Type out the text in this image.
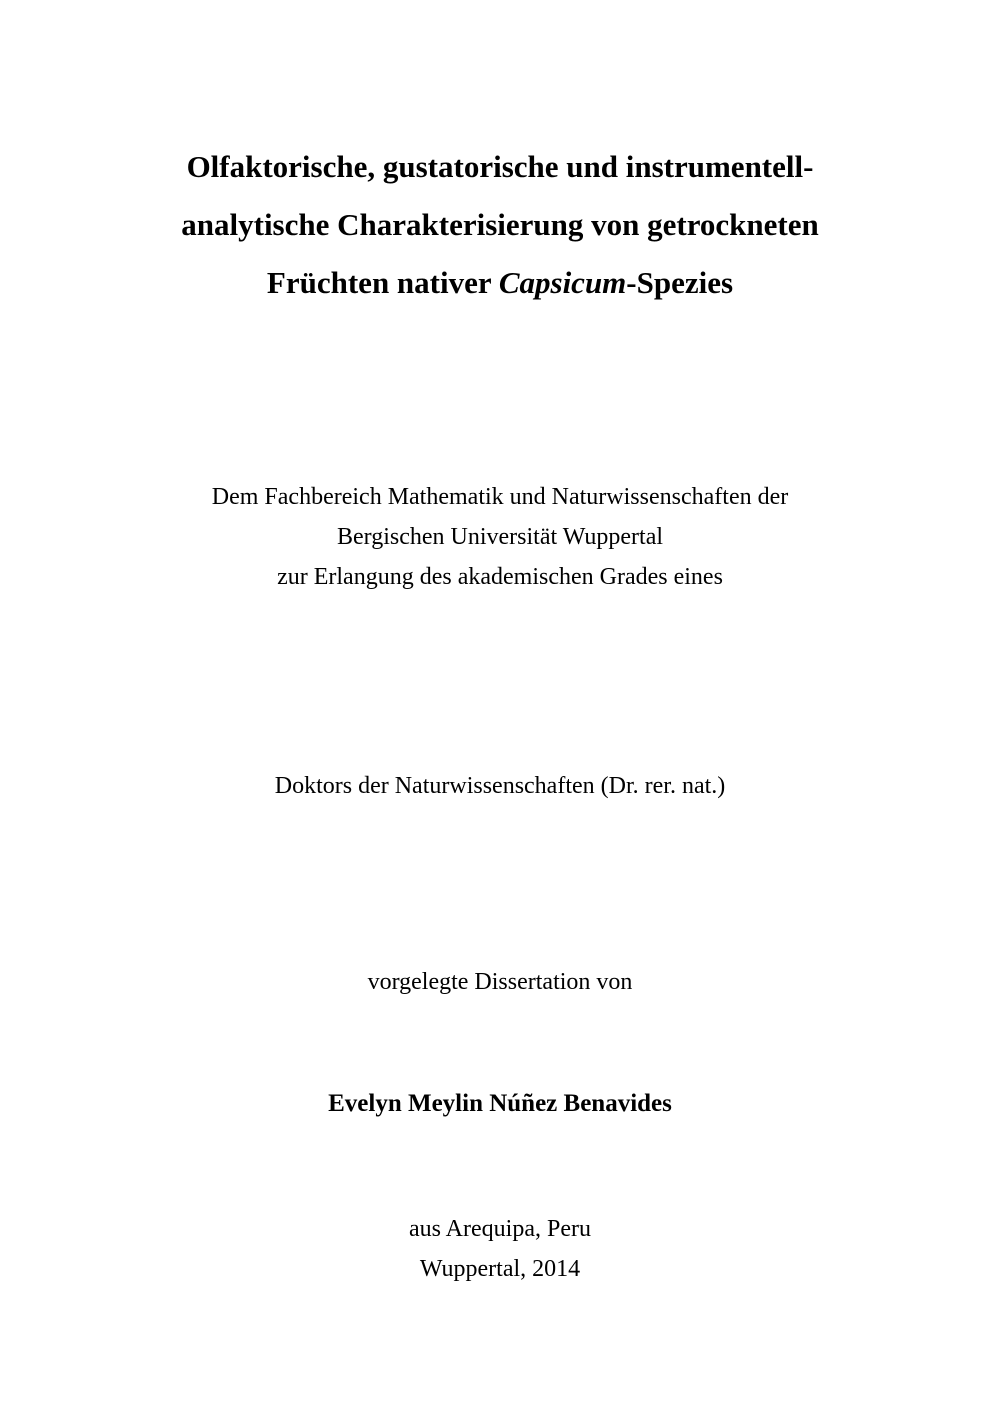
Olfaktorische, gustatorische und instrumentell-
analytische Charakterisierung von getrockneten
Früchten nativer Capsicum-Spezies
Dem Fachbereich Mathematik und Naturwissenschaften der
Bergischen Universität Wuppertal
zur Erlangung des akademischen Grades eines
Doktors der Naturwissenschaften (Dr. rer. nat.)
vorgelegte Dissertation von
Evelyn Meylin Núñez Benavides
aus Arequipa, Peru
Wuppertal, 2014
